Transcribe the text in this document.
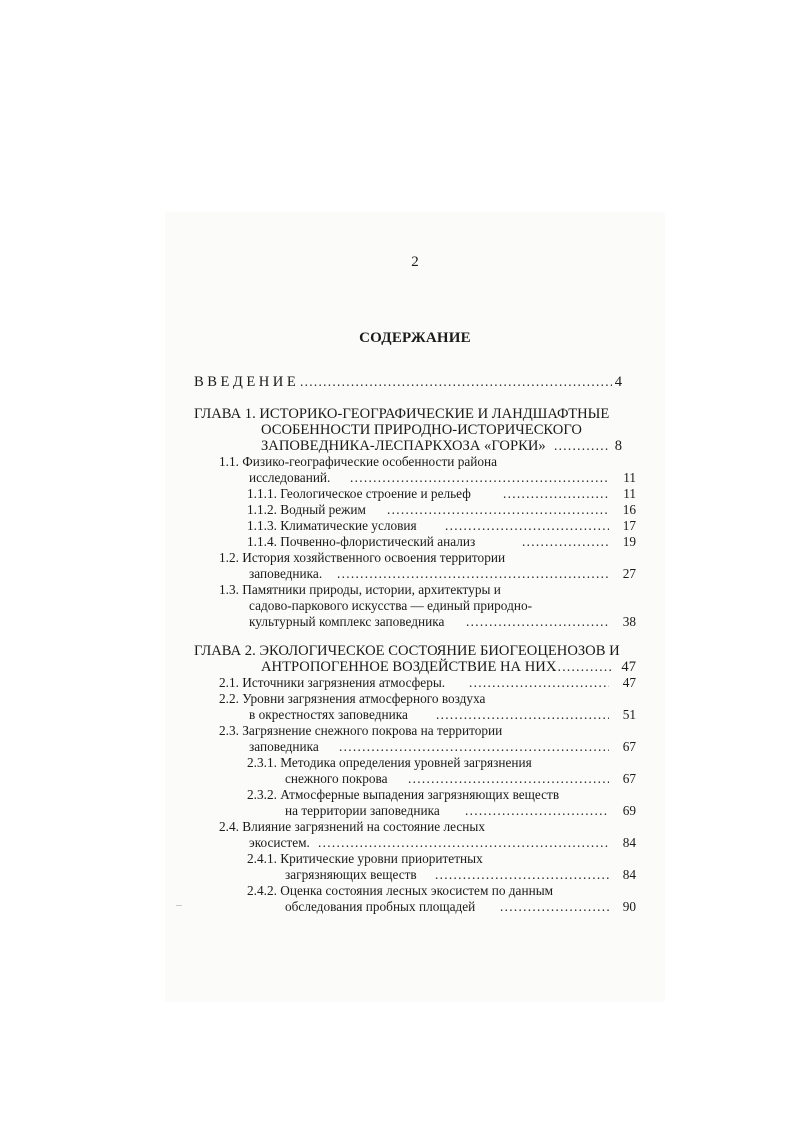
2
СОДЕРЖАНИЕ
ВВЕДЕНИЕ .....	4
ГЛАВА 1. ИСТОРИКО-ГЕОГРАФИЧЕСКИЕ И ЛАНДШАФТНЫЕ
ОСОБЕННОСТИ ПРИРОДНО-ИСТОРИЧЕСКОГО
ЗАПОВЕДНИКА-ЛЕСПАРКХОЗА «ГОРКИ» .....	8
1.1. Физико-географические особенности района
исследований. .....	11
1.1.1. Геологическое строение и рельеф .....	11
1.1.2. Водный режим .....	16
1.1.3. Климатические условия .....	17
1.1.4. Почвенно-флористический анализ .....	19
1.2. История хозяйственного освоения территории
заповедника. .....	27
1.3. Памятники природы, истории, архитектуры и
садово-паркового искусства — единый природно-
культурный комплекс заповедника .....	38
ГЛАВА 2. ЭКОЛОГИЧЕСКОЕ СОСТОЯНИЕ БИОГЕОЦЕНОЗОВ И
АНТРОПОГЕННОЕ ВОЗДЕЙСТВИЕ НА НИХ .....	47
2.1. Источники загрязнения атмосферы. .....	47
2.2. Уровни загрязнения атмосферного воздуха
в окрестностях заповедника .....	51
2.3. Загрязнение снежного покрова на территории
заповедника .....	67
2.3.1. Методика определения уровней загрязнения
снежного покрова .....	67
2.3.2. Атмосферные выпадения загрязняющих веществ
на территории заповедника .....	69
2.4. Влияние загрязнений на состояние лесных
экосистем. .....	84
2.4.1. Критические уровни приоритетных
загрязняющих веществ .....	84
2.4.2. Оценка состояния лесных экосистем по данным
обследования пробных площадей .....	90
